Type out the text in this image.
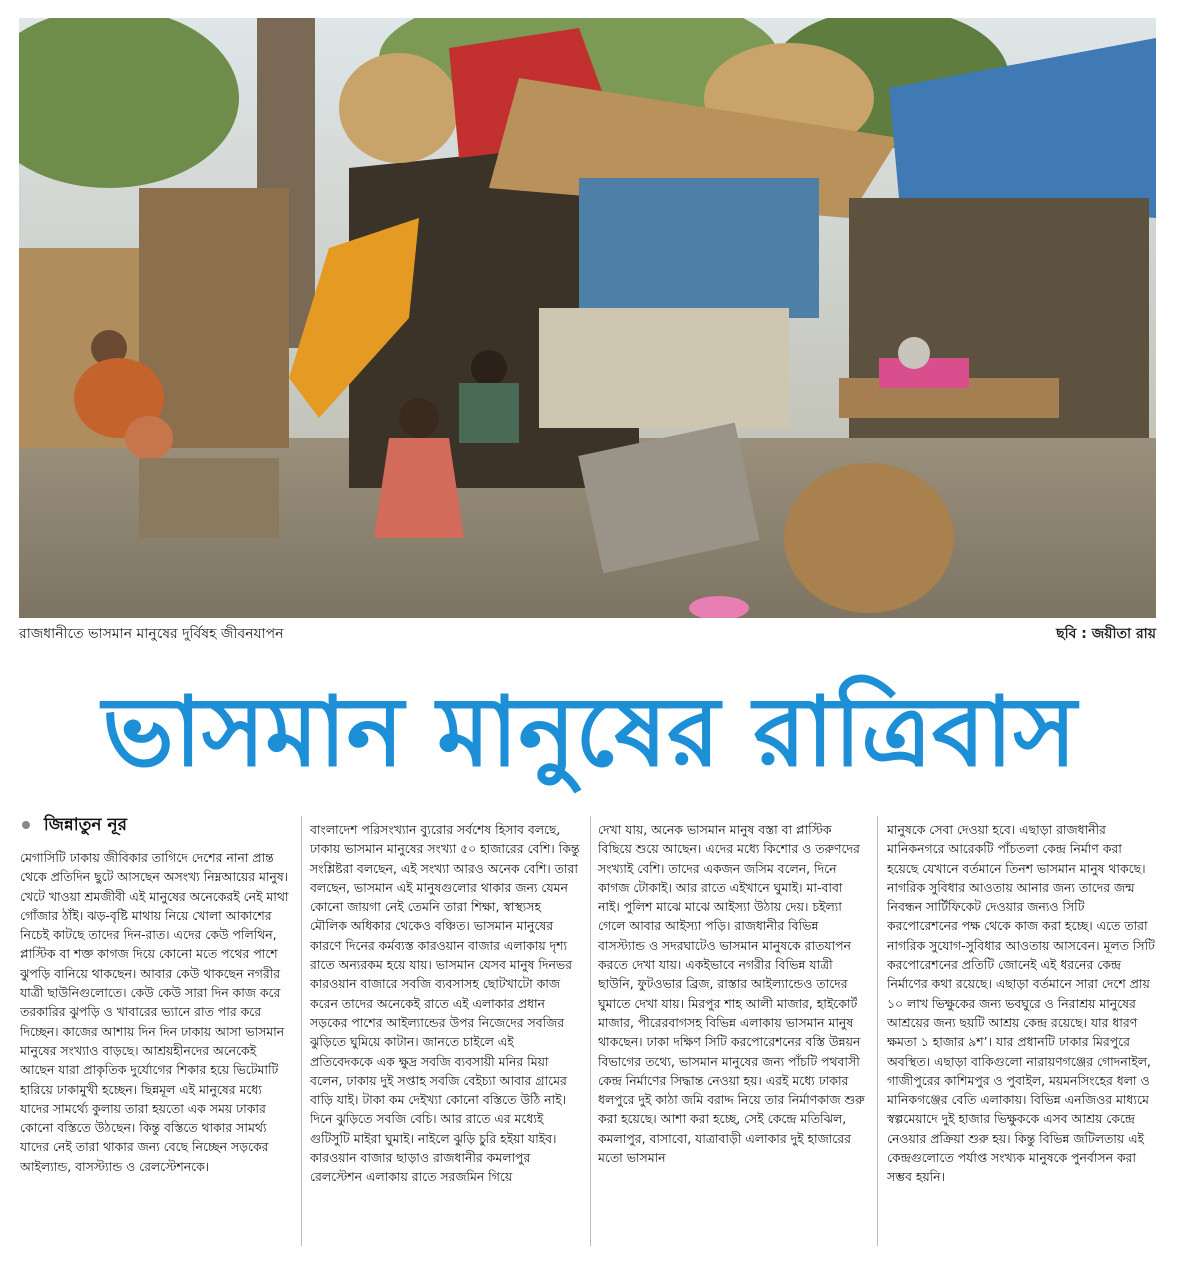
রাজধানীতে ভাসমান মানুষের দুর্বিষহ জীবনযাপন	ছবি : জয়ীতা রায়
ভাসমান মানুষের রাত্রিবাস
জিন্নাতুন নূর

মেগাসিটি ঢাকায় জীবিকার তাগিদে দেশের নানা প্রান্ত থেকে প্রতিদিন ছুটে আসছেন অসংখ্য নিম্নআয়ের মানুষ। খেটে খাওয়া শ্রমজীবী এই মানুষের অনেকেরই নেই মাথা গোঁজার ঠাঁই। ঝড়-বৃষ্টি মাথায় নিয়ে খোলা আকাশের নিচেই কাটছে তাদের দিন-রাত। এদের কেউ পলিথিন, প্লাস্টিক বা শক্ত কাগজ দিয়ে কোনো মতে পথের পাশে ঝুপড়ি বানিয়ে থাকছেন। আবার কেউ থাকছেন নগরীর যাত্রী ছাউনিগুলোতে। কেউ কেউ সারা দিন কাজ করে তরকারির ঝুপড়ি ও খাবারের ভ্যানে রাত পার করে দিচ্ছেন। কাজের আশায় দিন দিন ঢাকায় আসা ভাসমান মানুষের সংখ্যাও বাড়ছে। আশ্রয়হীনদের অনেকেই আছেন যারা প্রাকৃতিক দুর্যোগের শিকার হয়ে ভিটেমাটি হারিয়ে ঢাকামুখী হচ্ছেন। ছিন্নমূল এই মানুষের মধ্যে যাদের সামর্থ্যে কুলায় তারা হয়তো এক সময় ঢাকার কোনো বস্তিতে উঠছেন। কিন্তু বস্তিতে থাকার সামর্থ্য যাদের নেই তারা থাকার জন্য বেছে নিচ্ছেন সড়কের আইল্যান্ড, বাসস্ট্যান্ড ও রেলস্টেশনকে।

বাংলাদেশ পরিসংখ্যান ব্যুরোর সর্বশেষ হিসাব বলছে, ঢাকায় ভাসমান মানুষের সংখ্যা ৫০ হাজারের বেশি। কিন্তু সংশ্লিষ্টরা বলছেন, এই সংখ্যা আরও অনেক বেশি। তারা বলছেন, ভাসমান এই মানুষগুলোর থাকার জন্য যেমন কোনো জায়গা নেই তেমনি তারা শিক্ষা, স্বাস্থ্যসহ মৌলিক অধিকার থেকেও বঞ্চিত। ভাসমান মানুষের কারণে দিনের কর্মব্যস্ত কারওয়ান বাজার এলাকায় দৃশ্য রাতে অন্যরকম হয়ে যায়। ভাসমান যেসব মানুষ দিনভর কারওয়ান বাজারে সবজি ব্যবসাসহ ছোটখাটো কাজ করেন তাদের অনেকেই রাতে এই এলাকার প্রধান সড়কের পাশের আইল্যান্ডের উপর নিজেদের সবজির ঝুড়িতে ঘুমিয়ে কাটান। জানতে চাইলে এই প্রতিবেদককে এক ক্ষুদ্র সবজি ব্যবসায়ী মনির মিয়া বলেন, ঢাকায় দুই সপ্তাহ সবজি বেইচ্যা আবার গ্রামের বাড়ি যাই। টাকা কম দেইখ্যা কোনো বস্তিতে উঠি নাই। দিনে ঝুড়িতে সবজি বেচি। আর রাতে এর মধ্যেই গুটিসুটি মাইরা ঘুমাই। নাইলে ঝুড়ি চুরি হইয়া যাইব। কারওয়ান বাজার ছাড়াও রাজধানীর কমলাপুর রেলস্টেশন এলাকায় রাতে সরজমিন গিয়ে

দেখা যায়, অনেক ভাসমান মানুষ বস্তা বা প্লাস্টিক বিছিয়ে শুয়ে আছেন। এদের মধ্যে কিশোর ও তরুণদের সংখ্যাই বেশি। তাদের একজন জসিম বলেন, দিনে কাগজ টোকাই। আর রাতে এইখানে ঘুমাই। মা-বাবা নাই। পুলিশ মাঝে মাঝে আইস্যা উঠায় দেয়। চইল্যা গেলে আবার আইস্যা পড়ি। রাজধানীর বিভিন্ন বাসস্ট্যান্ড ও সদরঘাটেও ভাসমান মানুষকে রাতযাপন করতে দেখা যায়। একইভাবে নগরীর বিভিন্ন যাত্রী ছাউনি, ফুটওভার ব্রিজ, রাস্তার আইল্যান্ডেও তাদের ঘুমাতে দেখা যায়। মিরপুর শাহ আলী মাজার, হাইকোর্ট মাজার, পীরেরবাগসহ বিভিন্ন এলাকায় ভাসমান মানুষ থাকছেন। ঢাকা দক্ষিণ সিটি করপোরেশনের বস্তি উন্নয়ন বিভাগের তথ্যে, ভাসমান মানুষের জন্য পাঁচটি পথবাসী কেন্দ্র নির্মাণের সিদ্ধান্ত নেওয়া হয়। এরই মধ্যে ঢাকার ধলপুরে দুই কাঠা জমি বরাদ্দ নিয়ে তার নির্মাণকাজ শুরু করা হয়েছে। আশা করা হচ্ছে, সেই কেন্দ্রে মতিঝিল, কমলাপুর, বাসাবো, যাত্রাবাড়ী এলাকার দুই হাজারের মতো ভাসমান

মানুষকে সেবা দেওয়া হবে। এছাড়া রাজধানীর মানিকনগরে আরেকটি পাঁচতলা কেন্দ্র নির্মাণ করা হয়েছে যেখানে বর্তমানে তিনশ ভাসমান মানুষ থাকছে। নাগরিক সুবিধার আওতায় আনার জন্য তাদের জন্ম নিবন্ধন সার্টিফিকেট দেওয়ার জন্যও সিটি করপোরেশনের পক্ষ থেকে কাজ করা হচ্ছে। এতে তারা নাগরিক সুযোগ-সুবিধার আওতায় আসবেন। মূলত সিটি করপোরেশনের প্রতিটি জোনেই এই ধরনের কেন্দ্র নির্মাণের কথা রয়েছে। এছাড়া বর্তমানে সারা দেশে প্রায় ১০ লাখ ভিক্ষুকের জন্য ভবঘুরে ও নিরাশ্রয় মানুষের আশ্রয়ের জন্য ছয়টি আশ্রয় কেন্দ্র রয়েছে। যার ধারণ ক্ষমতা ১ হাজার ৯শ’। যার প্রধানটি ঢাকার মিরপুরে অবস্থিত। এছাড়া বাকিগুলো নারায়ণগঞ্জের গোদনাইল, গাজীপুরের কাশিমপুর ও পুবাইল, ময়মনসিংহের ধলা ও মানিকগঞ্জের বেতি এলাকায়। বিভিন্ন এনজিওর মাধ্যমে স্বল্পমেয়াদে দুই হাজার ভিক্ষুককে এসব আশ্রয় কেন্দ্রে নেওয়ার প্রক্রিয়া শুরু হয়। কিন্তু বিভিন্ন জটিলতায় এই কেন্দ্রগুলোতে পর্যাপ্ত সংখ্যক মানুষকে পুনর্বাসন করা সম্ভব হয়নি।
